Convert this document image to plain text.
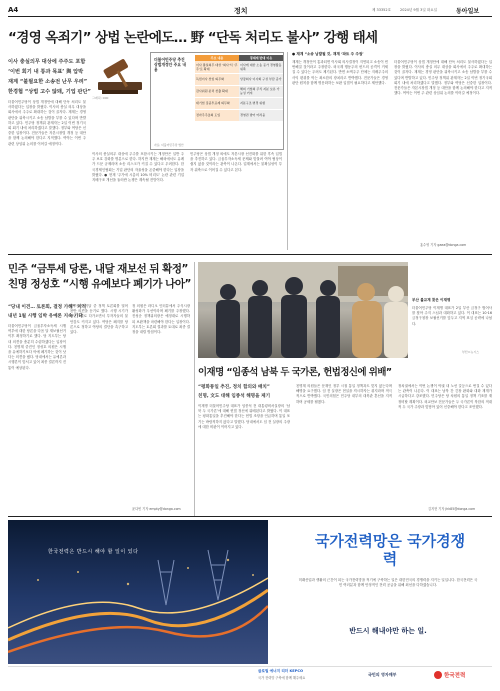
A4	정치	제 33352호	2024년 9월 3일 화요일	동아일보
“경영 옥죄기” 상법 논란에도… 野 “단독 처리도 불사” 강행 태세
이사 충실의무 대상에 주주도 포함
‘이번 회기 내 통과 목표’ 與 압박
재계 “불필요한 소송전 난무 우려”
한경협 “상법 고수 않돼, 기업 판단”
더불어민주당이 상법 개정안에 대해 단독 처리도 불사하겠다는 입장을 밝혔다. 이사의 충실 의무 대상을 회사에서 주주로 확대하는 것이 골자다. 재계는 경영 판단을 위축시키고 소송 남발을 부를 수 있다며 반발하고 있다. 민주당 정책위 관계자는 2일 이번 정기국회 회기 내에 처리하겠다고 말했다. 정부와 여당은 신중한 입장이다. 전문가들은 자본시장법 개정 등 대안을 함께 논의해야 한다고 지적했다. 여야는 이번 주 관련 상임위 논의를 이어갈 예정이다.
그래픽: 000
더불어민주당 추진 상법개정안 주요 내용
주요 내용	경제계 반대 이유
이사 충실의무 대상 ‘회사’서 ‘주주’로 확대	이사에 대한 소송 증가 경영활동 위축
독립이사 선임 의무화	상장회사 이사회 구성 부담 증가
감사위원 분리 선출 확대	해외 기업의 주식 지분 보유 가능성 커져
대기업 집중투표제 의무화	지분구조 변경 위험
전자주주총회 도입	경영권 방어 어려움
자료: 더불어민주당 법안
이사의 충실의무 대상에 주주를 포함시키는 개정안은 일반 주주 보호 강화를 명분으로 한다. 하지만 재계는 해외에서도 유례가 드문 규제라며 소송 리스크가 커질 수 있다고 우려한다. 한국경제인협회는 기업 판단의 자율성을 존중해야 한다는 입장을 밝혔다. ● 현재 ‘주가에 시총의 10% 비리도’ 논란 관련 기업 지배구조 개선을 둘러싼 논쟁은 계속될 전망이다.
민주당은 상법 개정 외에도 자본시장 선진화를 위한 후속 입법을 추진하고 있다. 금융투자소득세 문제와 맞물려 여야 협상이 쉽지 않을 것이라는 관측이 나온다. 업계에서는 불확실성이 투자 위축으로 이어질 수 있다고 본다.
● 재계 “소송 남발될 것, 재계 ‘파트 주 주권’
재계는 개정안이 통과되면 이사회 의사결정이 지연되고 소송이 빈번해질 것이라고 주장한다. 외국계 행동주의 펀드의 공격이 거세질 수 있다는 우려도 제기된다. 반면 소액주주 단체는 지배주주의 사익 편취를 막는 최소한의 장치라고 반박했다. 전문가들은 경영 판단 원칙을 함께 명문화하는 보완 입법이 필요하다고 제안했다.
더불어민주당이 상법 개정안에 대해 단독 처리도 불사하겠다는 입장을 밝혔다. 이사의 충실 의무 대상을 회사에서 주주로 확대하는 것이 골자다. 재계는 경영 판단을 위축시키고 소송 남발을 부를 수 있다며 반발하고 있다. 민주당 정책위 관계자는 2일 이번 정기국회 회기 내에 처리하겠다고 말했다. 정부와 여당은 신중한 입장이다. 전문가들은 자본시장법 개정 등 대안을 함께 논의해야 한다고 지적했다. 여야는 이번 주 관련 상임위 논의를 이어갈 예정이다.
홍수영 기자 gaea@donga.com
민주 “금투세 당론, 내달 재보선 뒤 확정” 친명 정성호 “시행 유예보다 폐기가 나아”
“당내 이견… 토론회, 결정 가해” 지적
내년 1월 시행 임박 유예론 지속 가닥
더불어민주당이 금융투자소득세 시행 여부에 대한 당론을 다음 달 재보궐선거 이후 확정하기로 했다. 당 지도부는 당내 의견을 충분히 수렴하겠다는 입장이다. 친명계 중진인 정성호 의원은 시행을 유예하기보다 아예 폐기하는 것이 낫다는 의견을 냈다. 당내에서는 유예론과 시행론이 맞서고 있어 최종 결론까지 진통이 예상된다.
민주당은 이달 중 정책 토론회를 열어 찬반 의견을 듣기로 했다. 시행 시기가 내년 1월로 다가오면서 투자자들의 불안감도 커지고 있다. 여당은 폐지를 당론으로 정하고 야당의 결단을 촉구하고 있다.
정 의원은 라디오 인터뷰에서 주식시장 활성화가 우선이라며 폐기를 주장했다. 진성준 정책위의장은 예정대로 시행하되 보완책을 마련해야 한다는 입장이다. 지도부는 토론회 결과를 토대로 최종 결정을 내릴 방침이다.
윤다빈 기자 empty@donga.com
부산 불교계 찾은 이재명
더불어민주당 이재명 대표가 2일 부산 금정구 범어사를 찾아 주지 스님과 대화하고 있다. 이 대표는 10·16 금정구청장 보궐선거를 앞두고 지역 표심 공략에 나섰다.
부산=뉴시스
이재명 “임종석 남북 두 국가론, 헌법정신에 위배”
“평화통일 추진, 정치 합의와 배치”
친명, 文도 대해 임종석 해명을 제기
이재명 더불어민주당 대표가 임종석 전 대통령비서실장의 ‘남북 두 국가론’에 대해 헌법 정신에 위배된다고 밝혔다. 이 대표는 평화통일을 추진해야 한다는 헌법 조항을 언급하며 통일 포기는 바람직하지 않다고 말했다. 당내에서도 임 전 실장의 주장에 대한 비판이 이어지고 있다.
친명계 의원들은 문재인 정부 시절 통일 정책과도 맞지 않는다며 해명을 요구했다. 임 전 실장은 현실을 직시하자는 취지라며 적극적으로 반박했다. 국민의힘은 민주당 내부의 대북관 혼선을 지적하며 공세를 펼쳤다.
정치권에서는 이번 논쟁이 야권 내 노선 갈등으로 번질 수 있다는 관측이 나온다. 이 대표는 남북 간 긴장 완화와 대화 재개가 시급하다고 강조했다. 민주당은 당 차원의 통일 정책 기조를 재정비할 계획이다. 외교안보 전문가들은 두 국가론이 북한의 적대적 두 국가 주장과 맞닿아 있어 신중해야 한다고 조언했다.
김지현 기자 jhk85@donga.com
한국전력은 반드시 해야 할 일이 있다
국가전력망은 국가경쟁력
미래산업과 생활의 근간이 되는 국가전력망을 적기에 구축하는 일은 대한민국의 경쟁력을 지키는 일입니다. 한국전력은 국민 여러분과 함께 안정적인 전력 공급을 위해 최선을 다하겠습니다.
반드시 해내야만 하는 일.
글로벌 에너지 리더 KEPCO
국가 전력망 구축에 함께 해주세요
국민의 영자매부	한국전력
